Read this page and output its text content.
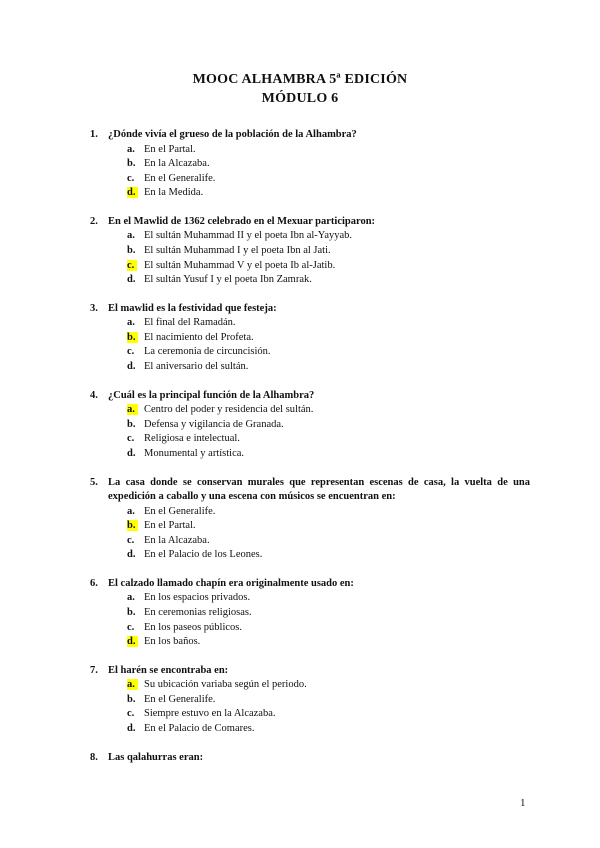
MOOC ALHAMBRA 5ª EDICIÓN
MÓDULO 6
1. ¿Dónde vivía el grueso de la población de la Alhambra?
a. En el Partal.
b. En la Alcazaba.
c. En el Generalife.
d. En la Medida.
2. En el Mawlid de 1362 celebrado en el Mexuar participaron:
a. El sultán Muhammad II y el poeta Ibn al-Yayyab.
b. El sultán Muhammad I y el poeta Ibn al Jati.
c. El sultán Muhammad V y el poeta Ib al-Jatib.
d. El sultán Yusuf I y el poeta Ibn Zamrak.
3. El mawlid es la festividad que festeja:
a. El final del Ramadán.
b. El nacimiento del Profeta.
c. La ceremonia de circuncisión.
d. El aniversario del sultán.
4. ¿Cuál es la principal función de la Alhambra?
a. Centro del poder y residencia del sultán.
b. Defensa y vigilancia de Granada.
c. Religiosa e intelectual.
d. Monumental y artística.
5. La casa donde se conservan murales que representan escenas de casa, la vuelta de una expedición a caballo y una escena con músicos se encuentran en:
a. En el Generalife.
b. En el Partal.
c. En la Alcazaba.
d. En el Palacio de los Leones.
6. El calzado llamado chapín era originalmente usado en:
a. En los espacios privados.
b. En ceremonias religiosas.
c. En los paseos públicos.
d. En los baños.
7. El harén se encontraba en:
a. Su ubicación variaba según el periodo.
b. En el Generalife.
c. Siempre estuvo en la Alcazaba.
d. En el Palacio de Comares.
8. Las qalahurras eran:
1
